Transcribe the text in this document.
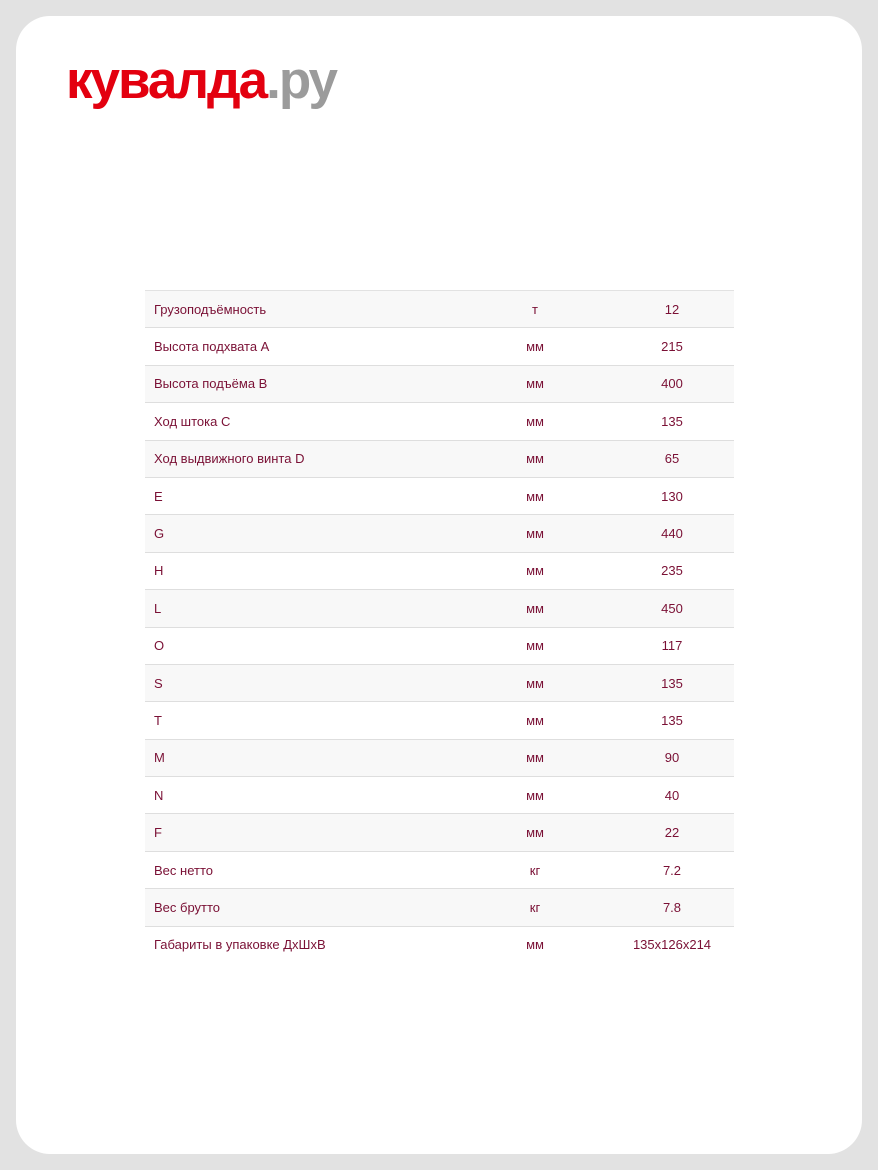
кувалда.ру
Грузоподъёмность	т	12
Высота подхвата A	мм	215
Высота подъёма B	мм	400
Ход штока C	мм	135
Ход выдвижного винта D	мм	65
E	мм	130
G	мм	440
H	мм	235
L	мм	450
O	мм	117
S	мм	135
T	мм	135
M	мм	90
N	мм	40
F	мм	22
Вес нетто	кг	7.2
Вес брутто	кг	7.8
Габариты в упаковке ДхШхВ	мм	135х126х214
